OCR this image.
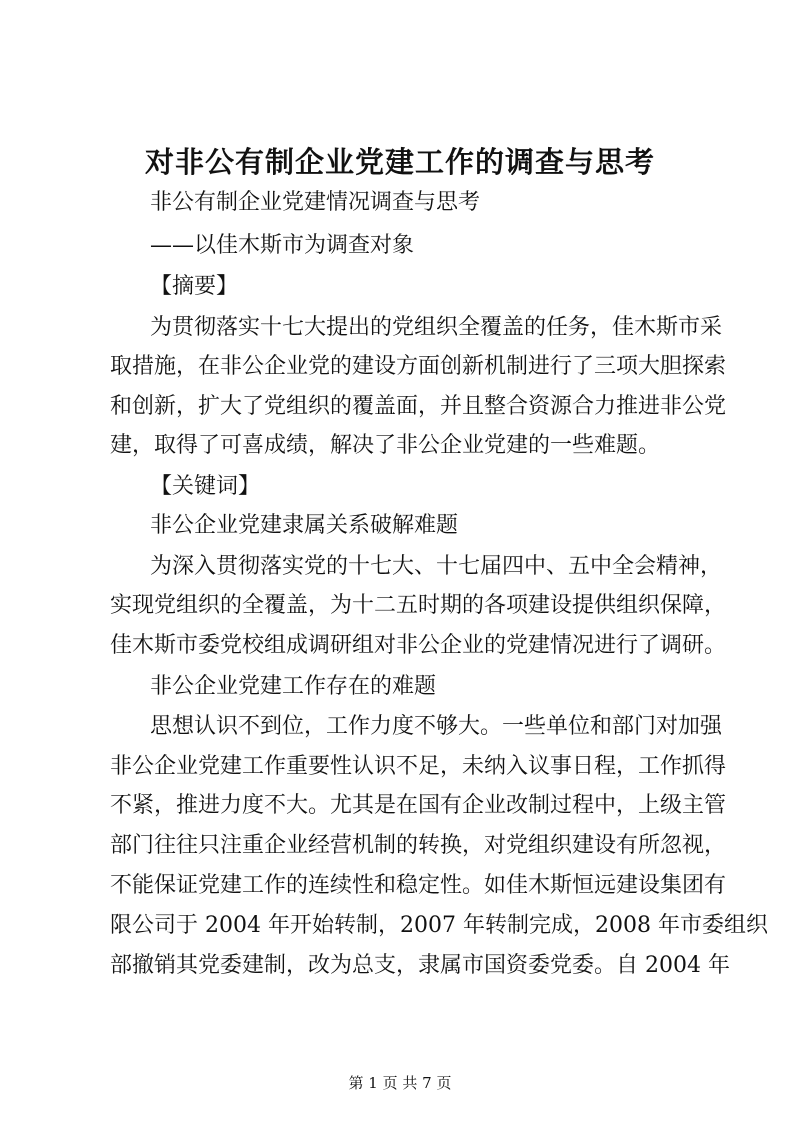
对非公有制企业党建工作的调查与思考
非公有制企业党建情况调查与思考
——以佳木斯市为调查对象
【摘要】
为贯彻落实十七大提出的党组织全覆盖的任务，佳木斯市采
取措施，在非公企业党的建设方面创新机制进行了三项大胆探索
和创新，扩大了党组织的覆盖面，并且整合资源合力推进非公党
建，取得了可喜成绩，解决了非公企业党建的一些难题。
【关键词】
非公企业党建隶属关系破解难题
为深入贯彻落实党的十七大、十七届四中、五中全会精神，
实现党组织的全覆盖，为十二五时期的各项建设提供组织保障，
佳木斯市委党校组成调研组对非公企业的党建情况进行了调研。
非公企业党建工作存在的难题
思想认识不到位，工作力度不够大。一些单位和部门对加强
非公企业党建工作重要性认识不足，未纳入议事日程，工作抓得
不紧，推进力度不大。尤其是在国有企业改制过程中，上级主管
部门往往只注重企业经营机制的转换，对党组织建设有所忽视，
不能保证党建工作的连续性和稳定性。如佳木斯恒远建设集团有
限公司于 2004 年开始转制，2007 年转制完成，2008 年市委组织
部撤销其党委建制，改为总支，隶属市国资委党委。自 2004 年
第 1 页 共 7 页
